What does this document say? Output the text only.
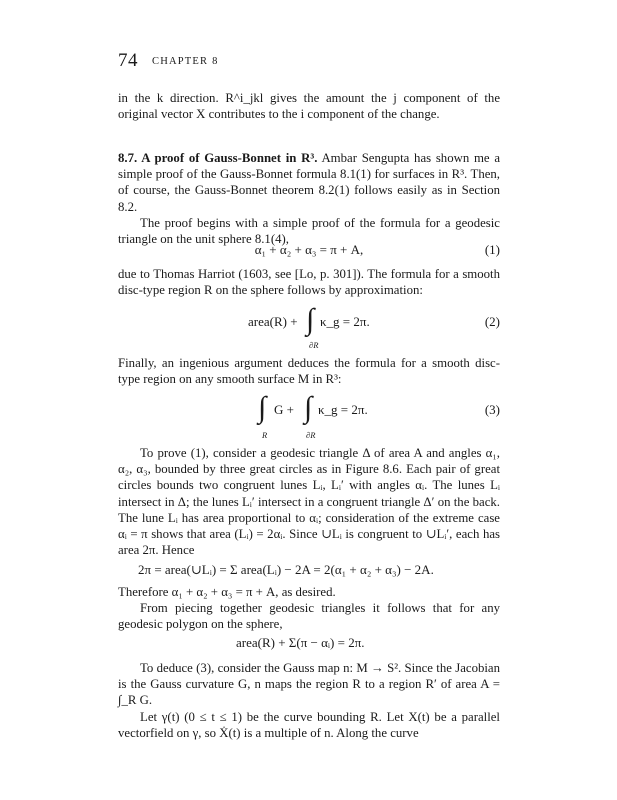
74 CHAPTER 8

in the k direction. R^i_jkl gives the amount the j component of the original vector X contributes to the i component of the change.

8.7. A proof of Gauss-Bonnet in R³. Ambar Sengupta has shown me a simple proof of the Gauss-Bonnet formula 8.1(1) for surfaces in R³. Then, of course, the Gauss-Bonnet theorem 8.2(1) follows easily as in Section 8.2.

The proof begins with a simple proof of the formula for a geodesic triangle on the unit sphere 8.1(4),

α₁ + α₂ + α₃ = π + A,	(1)

due to Thomas Harriot (1603, see [Lo, p. 301]). The formula for a smooth disc-type region R on the sphere follows by approximation:

area(R) + ∫ κ_g = 2π.
∂R
(2)

Finally, an ingenious argument deduces the formula for a smooth disc-type region on any smooth surface M in R³:

∫ G +
R
∫ κ_g = 2π.
∂R
(3)

To prove (1), consider a geodesic triangle Δ of area A and angles α₁, α₂, α₃, bounded by three great circles as in Figure 8.6. Each pair of great circles bounds two congruent lunes Lᵢ, Lᵢ′ with angles αᵢ. The lunes Lᵢ intersect in Δ; the lunes Lᵢ′ intersect in a congruent triangle Δ′ on the back. The lune Lᵢ has area proportional to αᵢ; consideration of the extreme case αᵢ = π shows that area (Lᵢ) = 2αᵢ. Since ∪Lᵢ is congruent to ∪Lᵢ′, each has area 2π. Hence

2π = area(∪Lᵢ) = Σ area(Lᵢ) − 2A = 2(α₁ + α₂ + α₃) − 2A.

Therefore α₁ + α₂ + α₃ = π + A, as desired.

From piecing together geodesic triangles it follows that for any geodesic polygon on the sphere,

area(R) + Σ(π − αᵢ) = 2π.

To deduce (3), consider the Gauss map n: M → S². Since the Jacobian is the Gauss curvature G, n maps the region R to a region R′ of area A = ∫_R G.

Let γ(t) (0 ≤ t ≤ 1) be the curve bounding R. Let X(t) be a parallel vectorfield on γ, so Ẋ(t) is a multiple of n. Along the curve
